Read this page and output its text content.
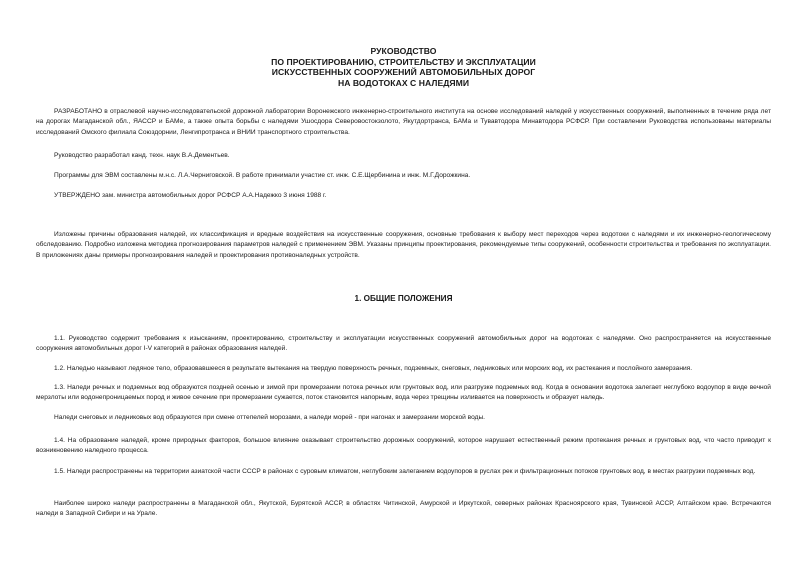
РУКОВОДСТВО
ПО ПРОЕКТИРОВАНИЮ, СТРОИТЕЛЬСТВУ И ЭКСПЛУАТАЦИИ
ИСКУССТВЕННЫХ СООРУЖЕНИЙ АВТОМОБИЛЬНЫХ ДОРОГ
НА ВОДОТОКАХ С НАЛЕДЯМИ

РАЗРАБОТАНО в отраслевой научно-исследовательской дорожной лаборатории Воронежского инженерно-строительного института на основе исследований наледей у искусственных сооружений, выполненных в течение ряда лет на дорогах Магаданской обл., ЯАССР и БАМе, а также опыта борьбы с наледями Ушосдора Северовостокзолото, Якутдортранса, БАМа и Тувавтодора Минавтодора РСФСР. При составлении Руководства использованы материалы исследований Омского филиала Союздорнии, Ленгипротранса и ВНИИ транспортного строительства.

Руководство разработал канд. техн. наук В.А.Дементьев.

Программы для ЭВМ составлены м.н.с. Л.А.Черниговской. В работе принимали участие ст. инж. С.Е.Щербинина и инж. М.Г.Дорожкина.

УТВЕРЖДЕНО зам. министра автомобильных дорог РСФСР А.А.Надежко 3 июня 1988 г.

Изложены причины образования наледей, их классификация и вредные воздействия на искусственные сооружения, основные требования к выбору мест переходов через водотоки с наледями и их инженерно-геологическому обследованию. Подробно изложена методика прогнозирования параметров наледей с применением ЭВМ. Указаны принципы проектирования, рекомендуемые типы сооружений, особенности строительства и требования по эксплуатации. В приложениях даны примеры прогнозирования наледей и проектирования противоналедных устройств.

1. ОБЩИЕ ПОЛОЖЕНИЯ

1.1. Руководство содержит требования к изысканиям, проектированию, строительству и эксплуатации искусственных сооружений автомобильных дорог на водотоках с наледями. Оно распространяется на искусственные сооружения автомобильных дорог I-V категорий в районах образования наледей.

1.2. Наледью называют ледяное тело, образовавшееся в результате вытекания на твердую поверхность речных, подземных, снеговых, ледниковых или морских вод, их растекания и послойного замерзания.

1.3. Наледи речных и подземных вод образуются поздней осенью и зимой при промерзании потока речных или грунтовых вод, или разгрузке подземных вод. Когда в основании водотока залегает неглубоко водоупор в виде вечной мерзлоты или водонепроницаемых пород и живое сечение при промерзании сужается, поток становится напорным, вода через трещины изливается на поверхность и образует наледь.

Наледи снеговых и ледниковых вод образуются при смене оттепелей морозами, а наледи морей - при нагонах и замерзании морской воды.

1.4. На образование наледей, кроме природных факторов, большое влияние оказывает строительство дорожных сооружений, которое нарушает естественный режим протекания речных и грунтовых вод, что часто приводит к возникновению наледного процесса.

1.5. Наледи распространены на территории азиатской части СССР в районах с суровым климатом, неглубоким залеганием водоупоров в руслах рек и фильтрационных потоков грунтовых вод, в местах разгрузки подземных вод.

Наиболее широко наледи распространены в Магаданской обл., Якутской, Бурятской АССР, в областях Читинской, Амурской и Иркутской, северных районах Красноярского края, Тувинской АССР, Алтайском крае. Встречаются наледи в Западной Сибири и на Урале.
